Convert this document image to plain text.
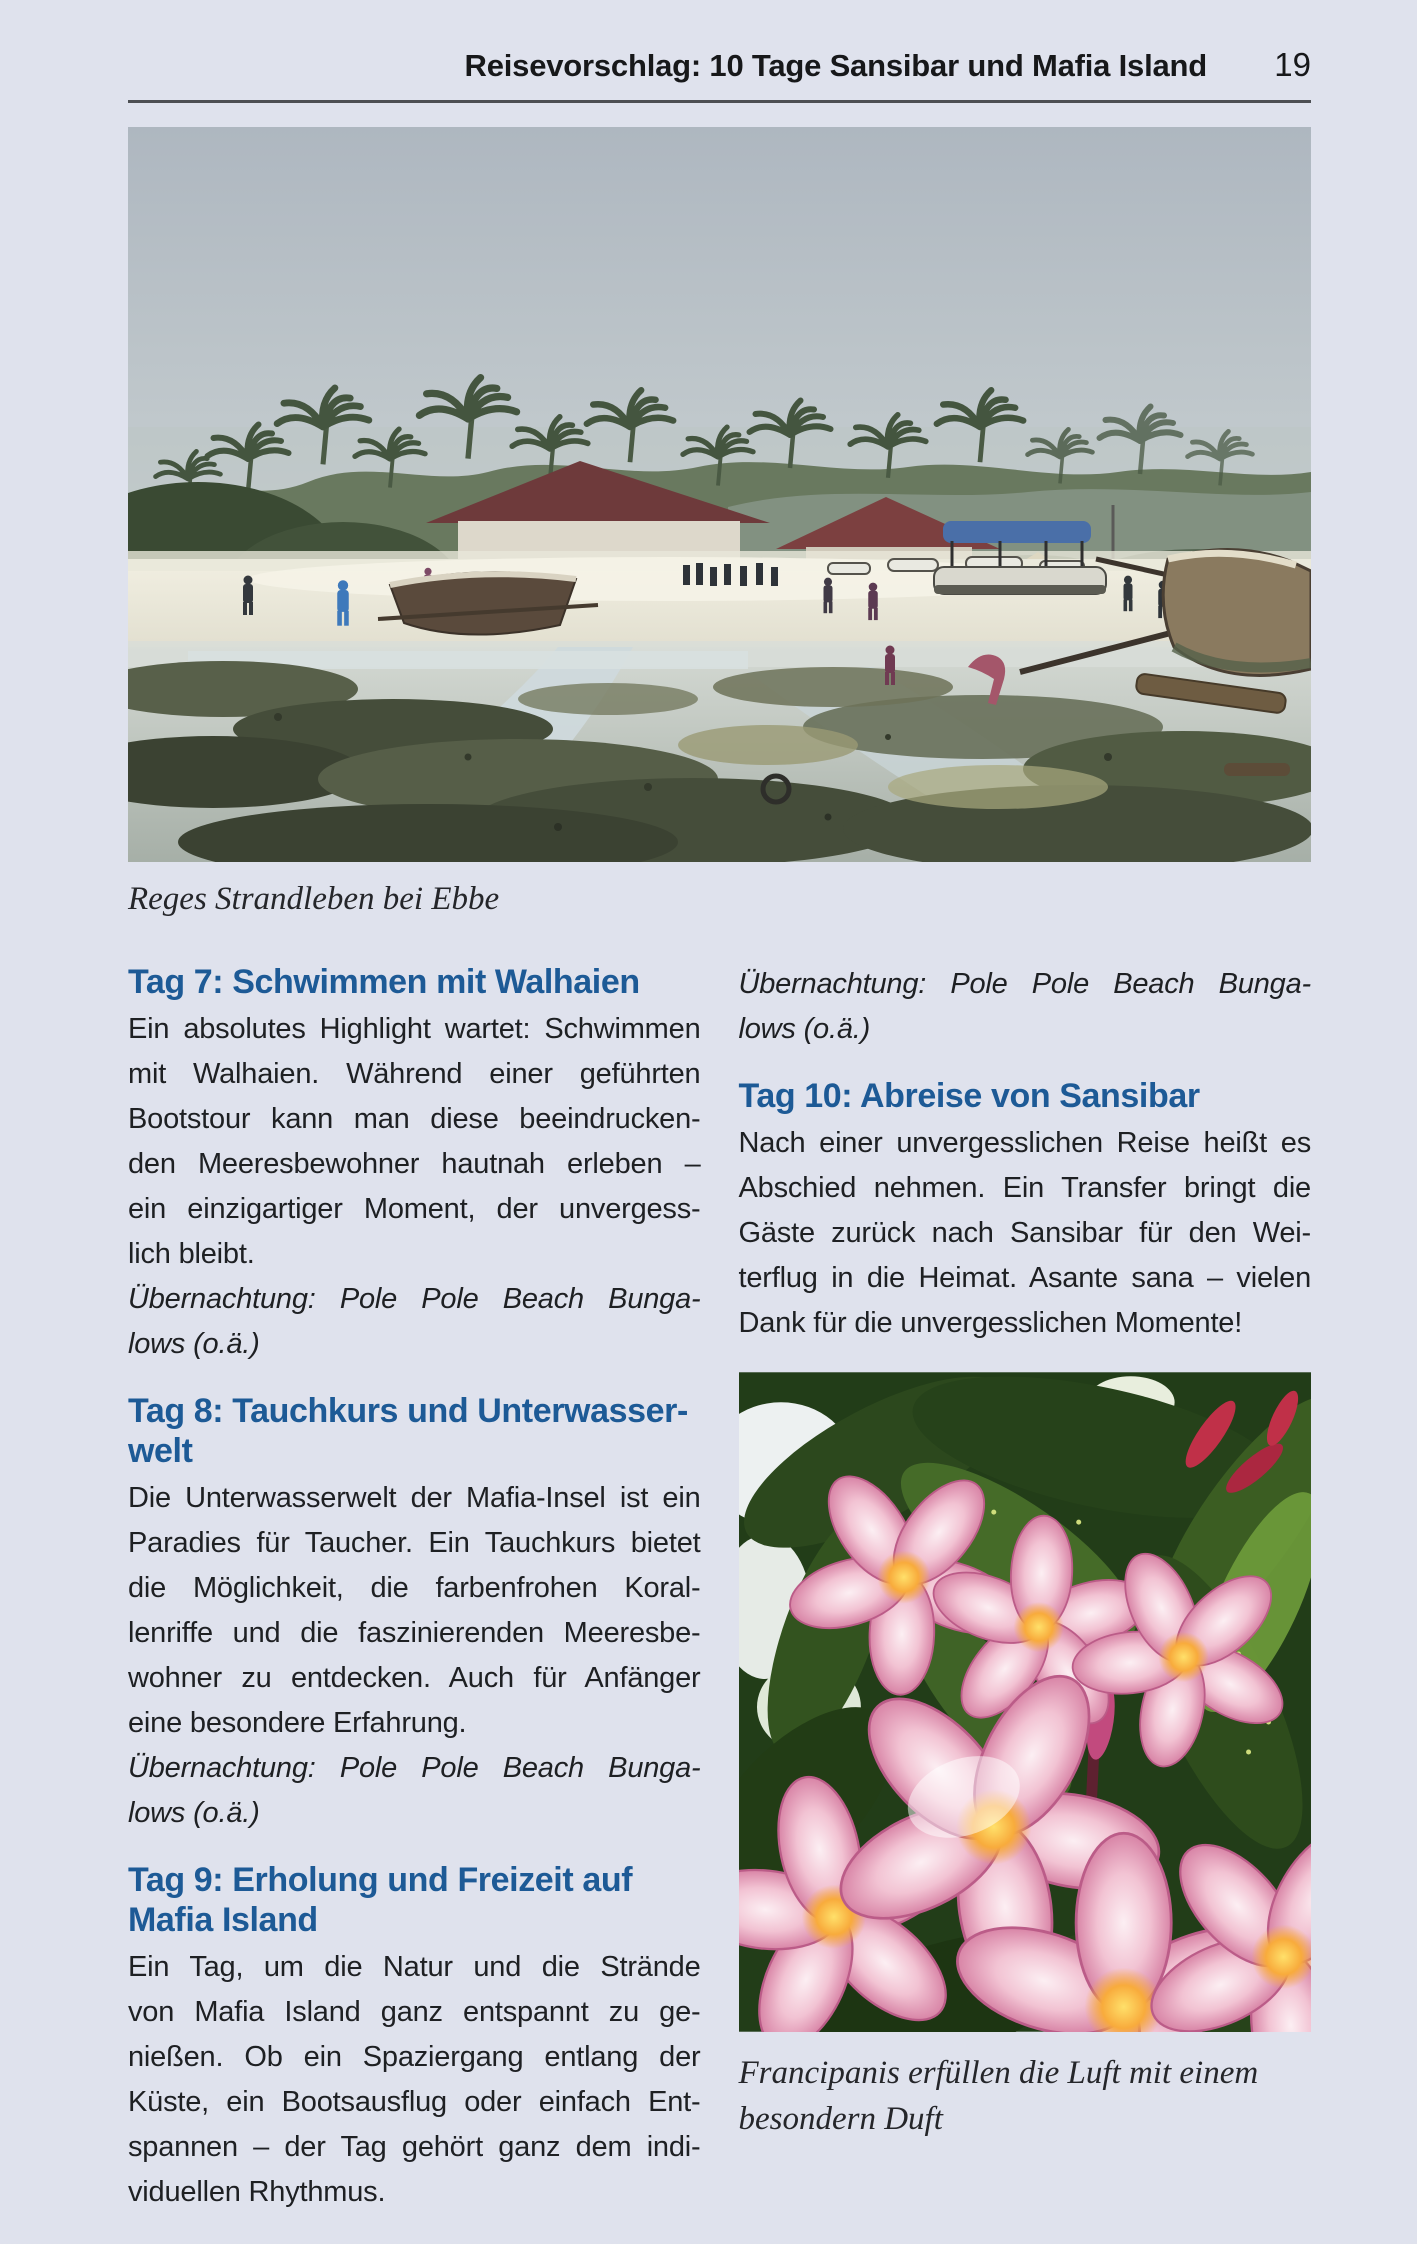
Reisevorschlag: 10 Tage Sansibar und Mafia Island	19
Reges Strandleben bei Ebbe
Tag 7: Schwimmen mit Walhaien
Ein absolutes Highlight wartet: Schwimmen
mit Walhaien. Während einer geführten
Bootstour kann man diese beeindrucken-
den Meeresbewohner hautnah erleben –
ein einzigartiger Moment, der unvergess-
lich bleibt.
Übernachtung: Pole Pole Beach Bunga-
lows (o.ä.)
Tag 8: Tauchkurs und Unterwasser-
welt
Die Unterwasserwelt der Mafia-Insel ist ein
Paradies für Taucher. Ein Tauchkurs bietet
die Möglichkeit, die farbenfrohen Koral-
lenriffe und die faszinierenden Meeresbe-
wohner zu entdecken. Auch für Anfänger
eine besondere Erfahrung.
Übernachtung: Pole Pole Beach Bunga-
lows (o.ä.)
Tag 9: Erholung und Freizeit auf
Mafia Island
Ein Tag, um die Natur und die Strände
von Mafia Island ganz entspannt zu ge-
nießen. Ob ein Spaziergang entlang der
Küste, ein Bootsausflug oder einfach Ent-
spannen – der Tag gehört ganz dem indi-
viduellen Rhythmus.
Übernachtung: Pole Pole Beach Bunga-
lows (o.ä.)
Tag 10: Abreise von Sansibar
Nach einer unvergesslichen Reise heißt es
Abschied nehmen. Ein Transfer bringt die
Gäste zurück nach Sansibar für den Wei-
terflug in die Heimat. Asante sana – vielen
Dank für die unvergesslichen Momente!
Francipanis erfüllen die Luft mit einem
besondern Duft
